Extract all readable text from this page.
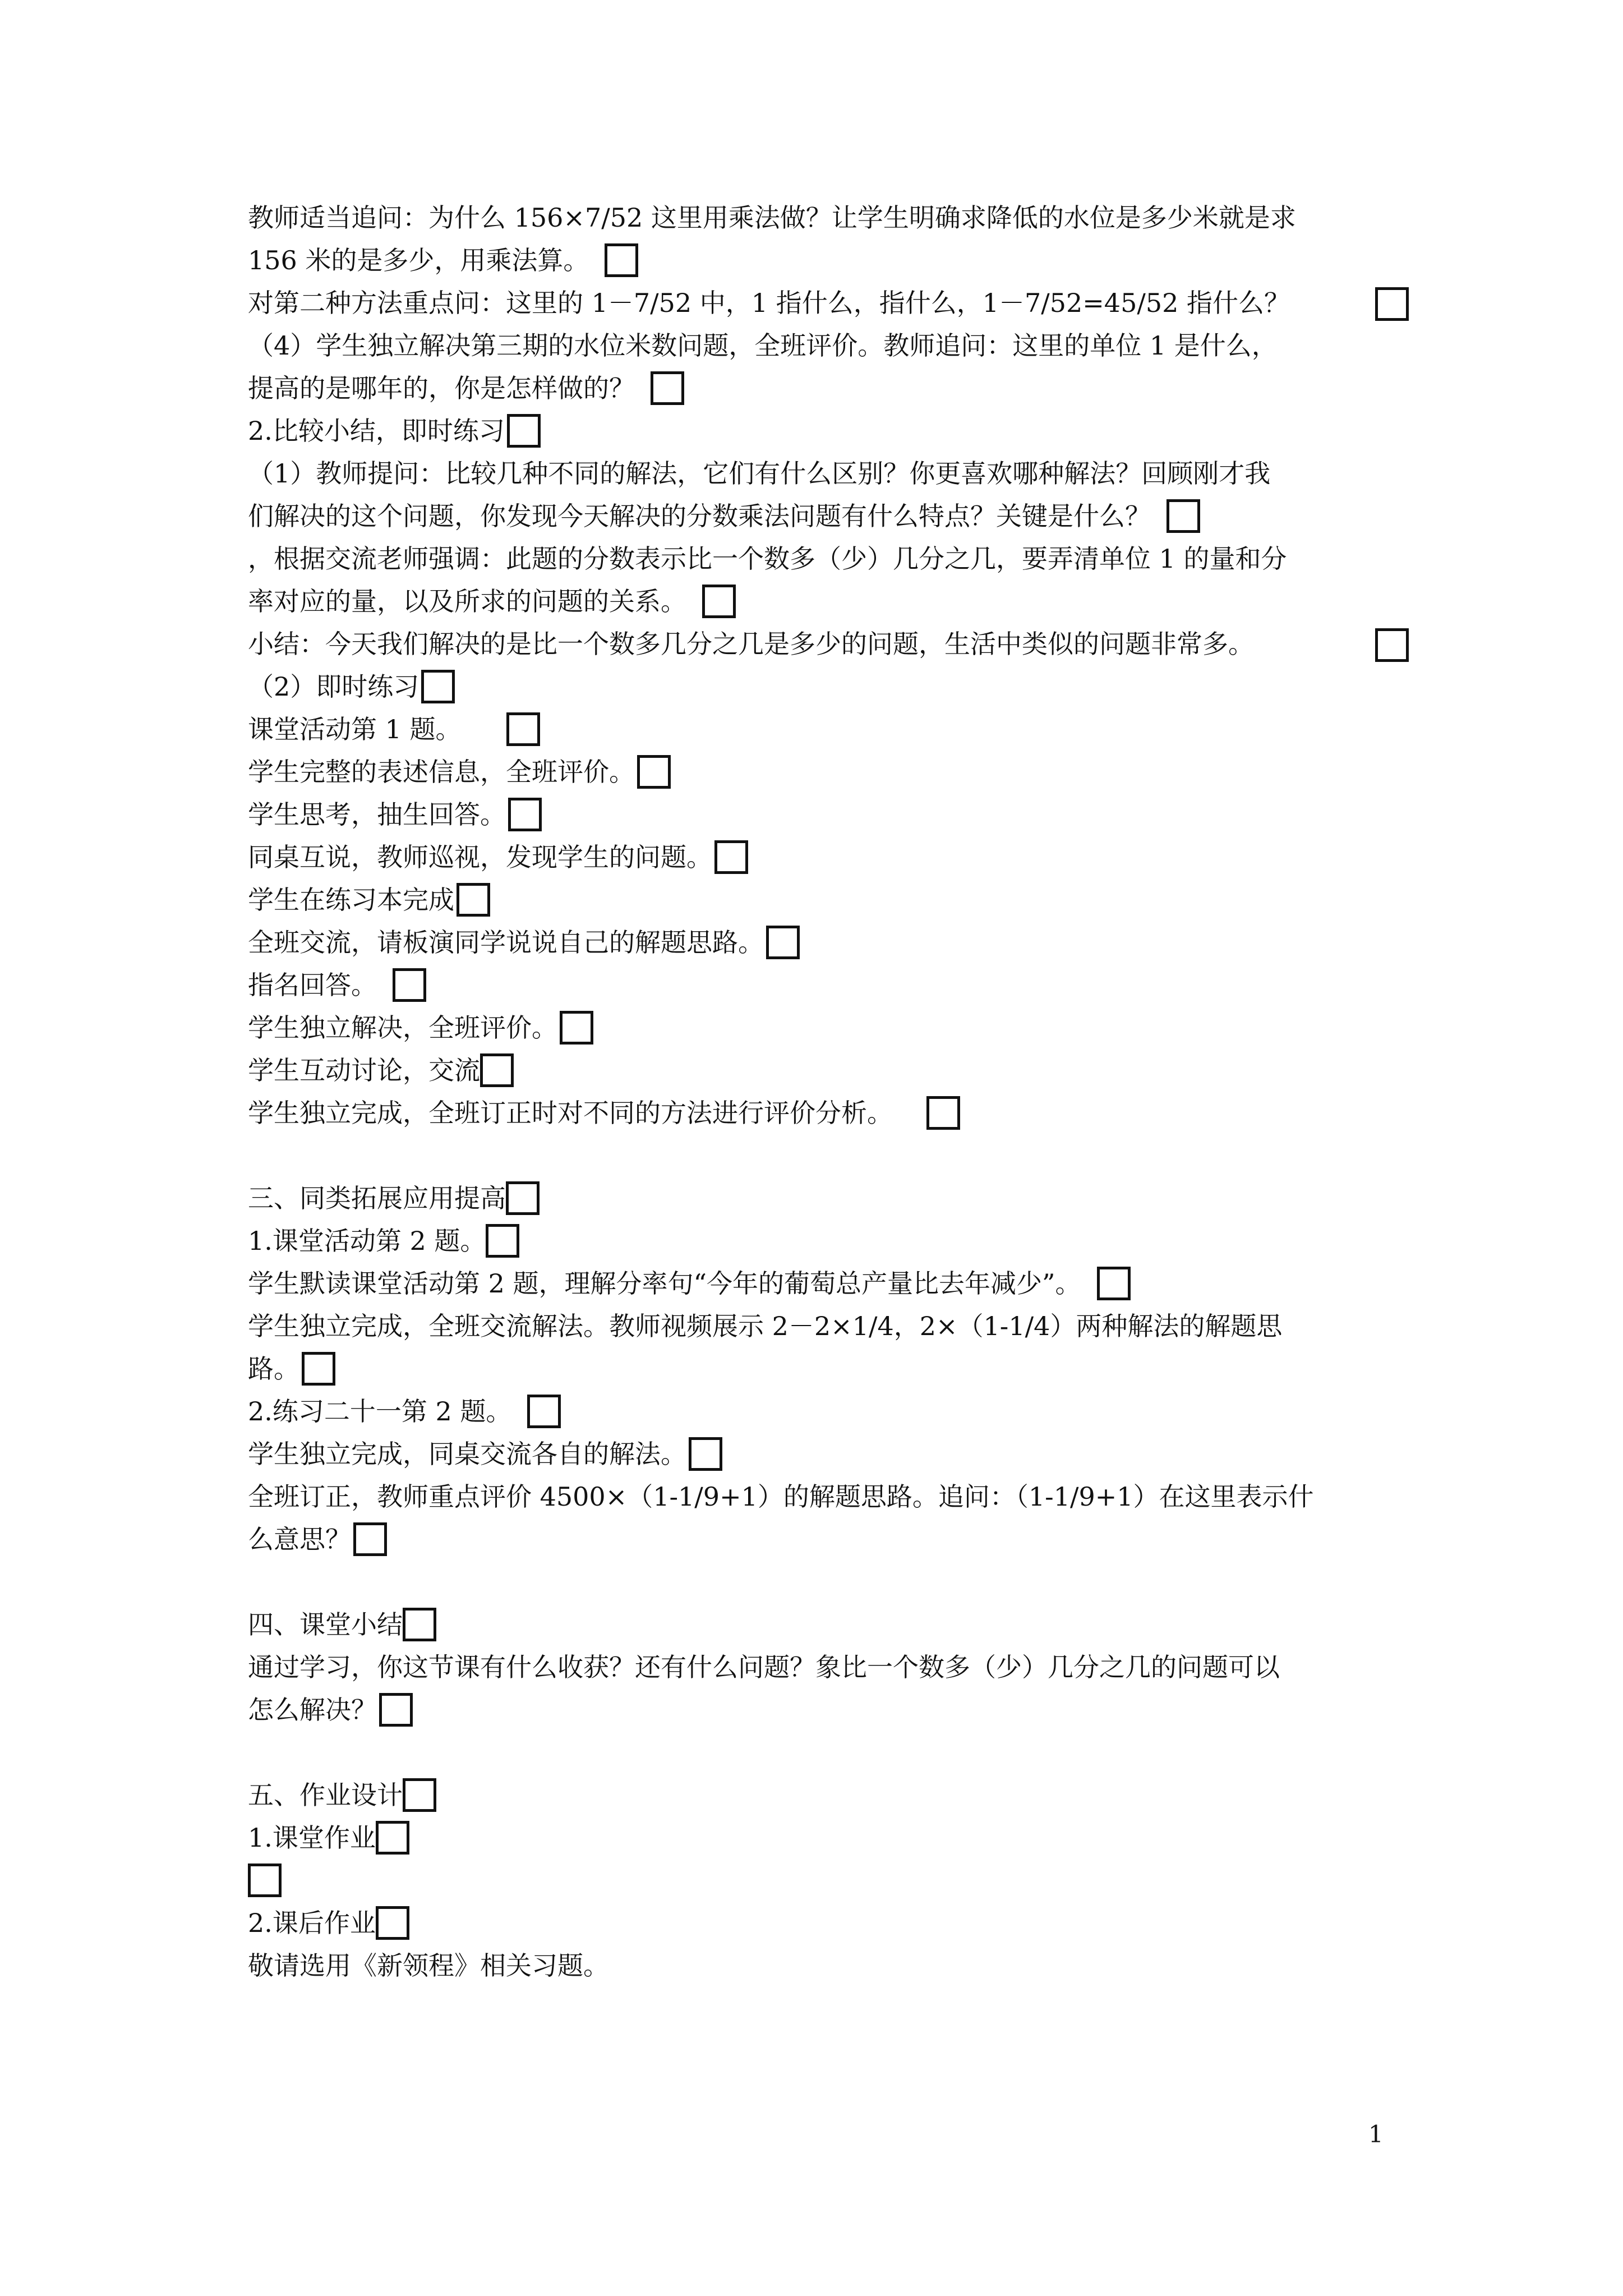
教师适当追问：为什么 156×7/52 这里用乘法做？让学生明确求降低的水位是多少米就是求
156 米的是多少，用乘法算。
对第二种方法重点问：这里的 1－7/52 中，1 指什么，指什么，1－7/52=45/52 指什么？
（4）学生独立解决第三期的水位米数问题，全班评价。教师追问：这里的单位 1 是什么，
提高的是哪年的，你是怎样做的？
2.比较小结，即时练习
（1）教师提问：比较几种不同的解法，它们有什么区别？你更喜欢哪种解法？回顾刚才我
们解决的这个问题，你发现今天解决的分数乘法问题有什么特点？关键是什么？
，根据交流老师强调：此题的分数表示比一个数多（少）几分之几，要弄清单位 1 的量和分
率对应的量，以及所求的问题的关系。
小结：今天我们解决的是比一个数多几分之几是多少的问题，生活中类似的问题非常多。
（2）即时练习
课堂活动第 1 题。
学生完整的表述信息，全班评价。
学生思考，抽生回答。
同桌互说，教师巡视，发现学生的问题。
学生在练习本完成
全班交流，请板演同学说说自己的解题思路。
指名回答。
学生独立解决，全班评价。
学生互动讨论，交流
学生独立完成，全班订正时对不同的方法进行评价分析。
三、同类拓展应用提高
1.课堂活动第 2 题。
学生默读课堂活动第 2 题，理解分率句“今年的葡萄总产量比去年减少”。
学生独立完成，全班交流解法。教师视频展示 2－2×1/4，2×（1-1/4）两种解法的解题思
路。
2.练习二十一第 2 题。
学生独立完成，同桌交流各自的解法。
全班订正，教师重点评价 4500×（1-1/9+1）的解题思路。追问：（1-1/9+1）在这里表示什
么意思？
四、课堂小结
通过学习，你这节课有什么收获？还有什么问题？象比一个数多（少）几分之几的问题可以
怎么解决？
五、作业设计
1.课堂作业
2.课后作业
敬请选用《新领程》相关习题。
1
